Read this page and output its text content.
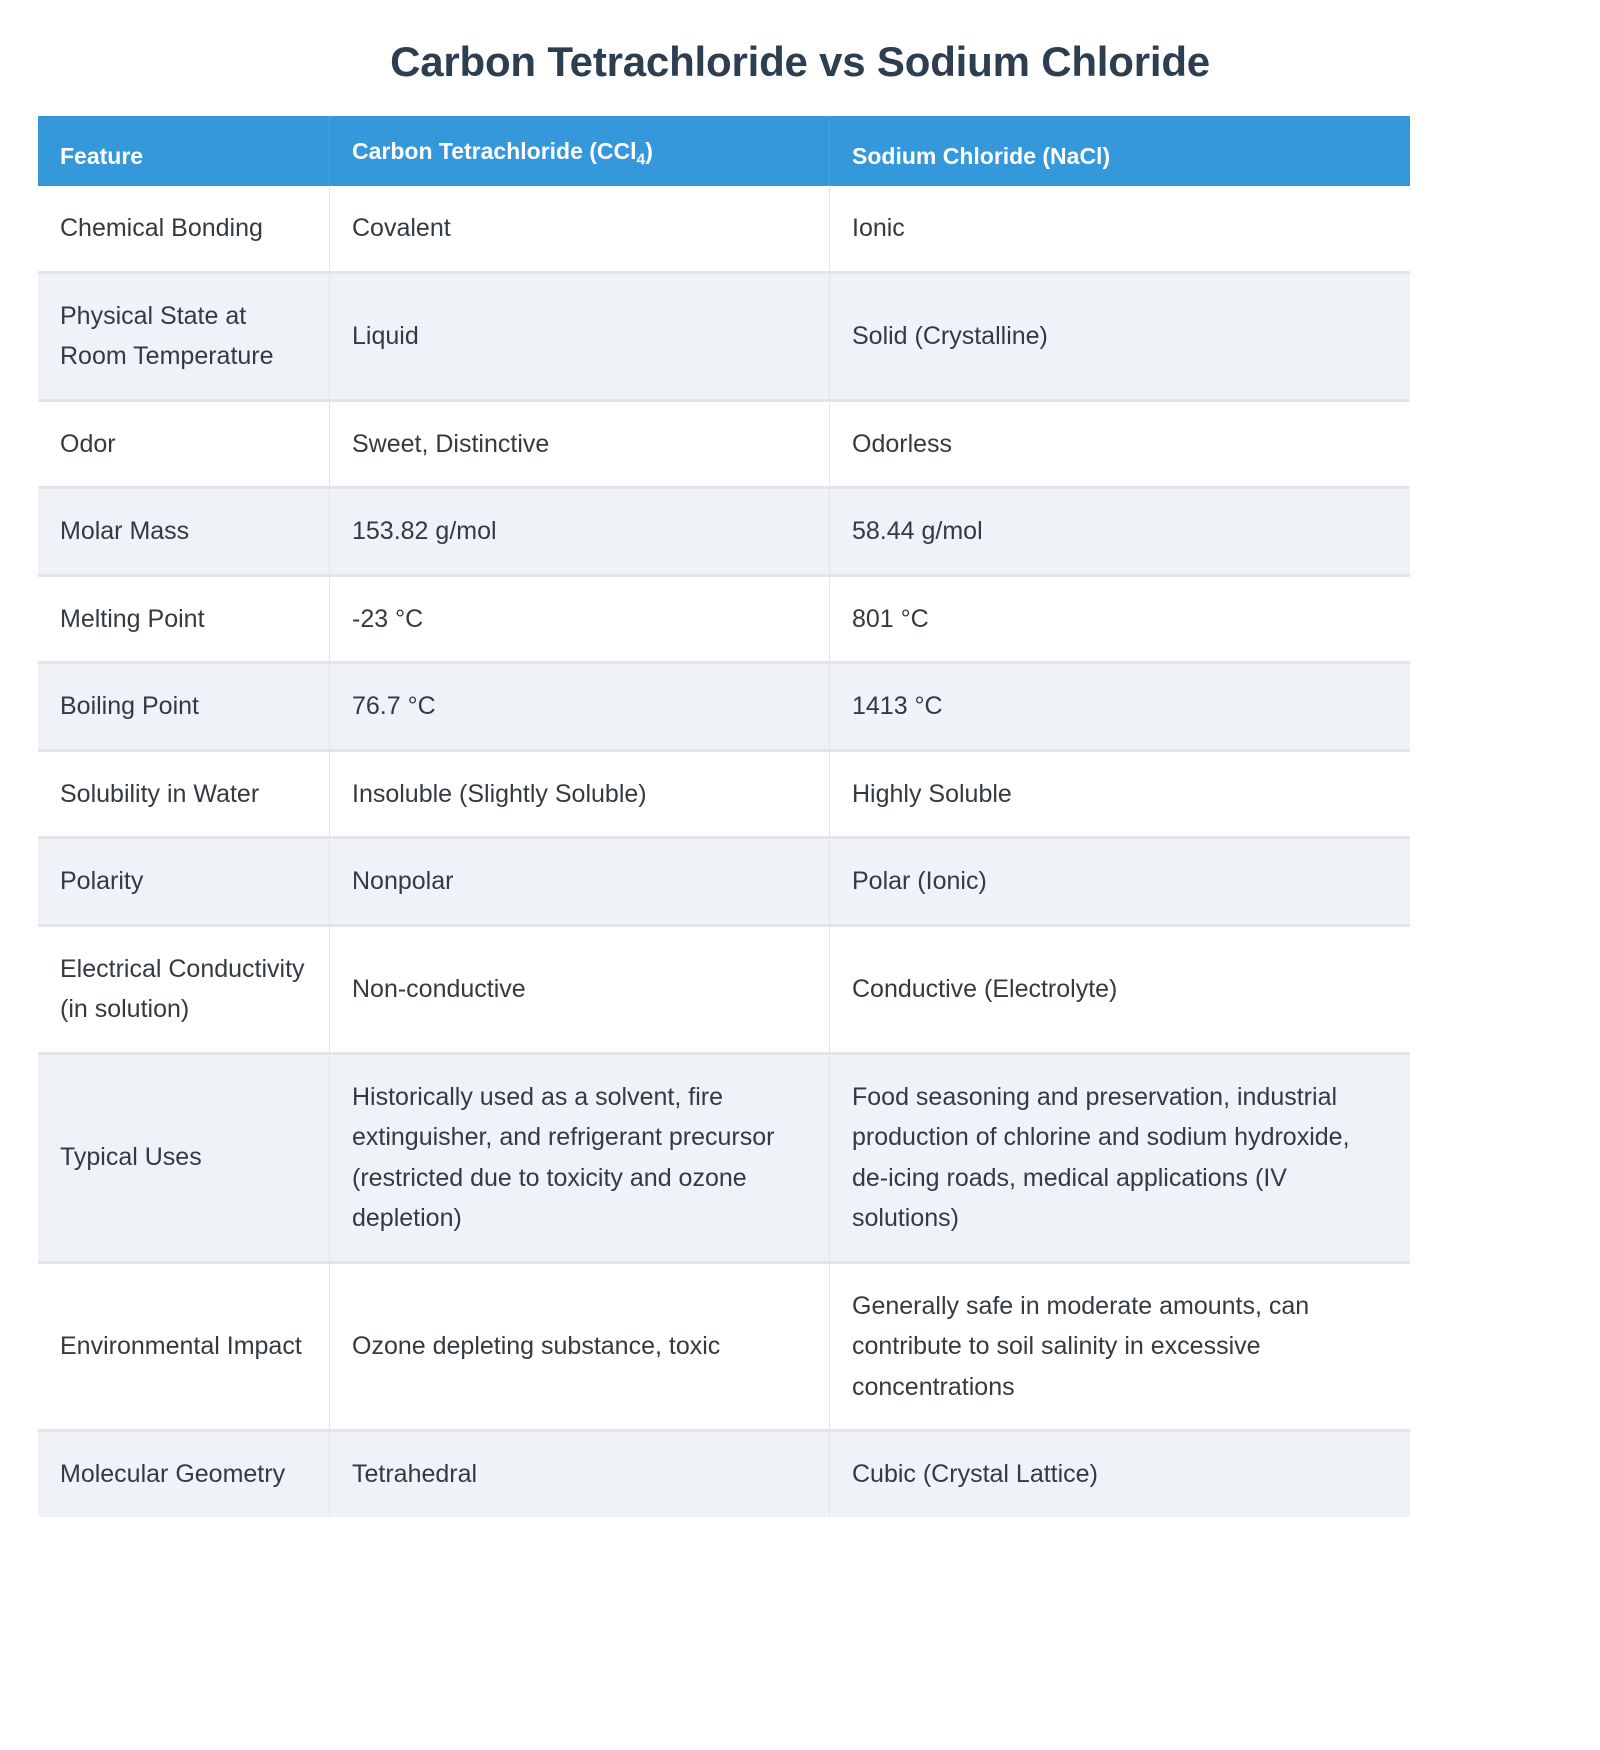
Carbon Tetrachloride vs Sodium Chloride
Feature	Carbon Tetrachloride (CCl$_4$)	Sodium Chloride (NaCl)
Chemical Bonding	Covalent	Ionic
Physical State at Room Temperature	Liquid	Solid (Crystalline)
Odor	Sweet, Distinctive	Odorless
Molar Mass	153.82 g/mol	58.44 g/mol
Melting Point	-23 °C	801 °C
Boiling Point	76.7 °C	1413 °C
Solubility in Water	Insoluble (Slightly Soluble)	Highly Soluble
Polarity	Nonpolar	Polar (Ionic)
Electrical Conductivity (in solution)	Non-conductive	Conductive (Electrolyte)
Typical Uses	Historically used as a solvent, fire extinguisher, and refrigerant precursor (restricted due to toxicity and ozone depletion)	Food seasoning and preservation, industrial production of chlorine and sodium hydroxide, de-icing roads, medical applications (IV solutions)
Environmental Impact	Ozone depleting substance, toxic	Generally safe in moderate amounts, can contribute to soil salinity in excessive concentrations
Molecular Geometry	Tetrahedral	Cubic (Crystal Lattice)
